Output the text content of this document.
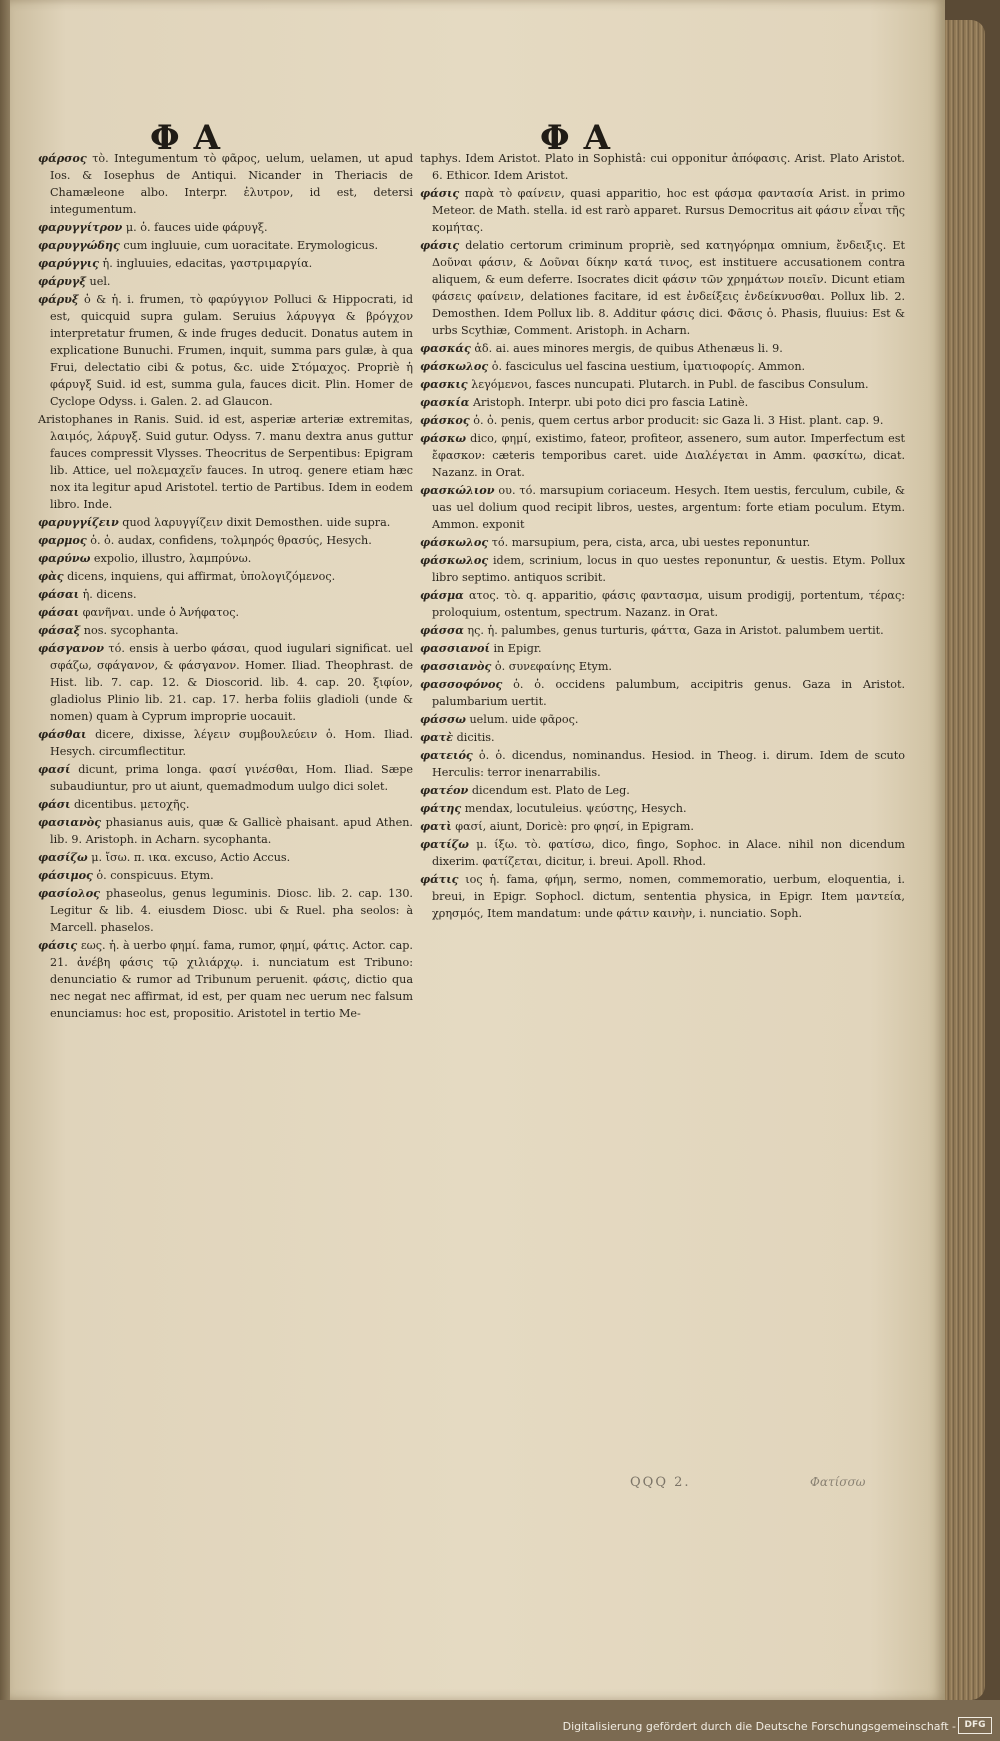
ΦΑ	ΦΑ

φάρσος τὸ. Integumentum τὸ φᾶρος, uelum, uelamen, ut apud Ios. & Iosephus de Antiqui. Nicander in Theriacis de Chamæleone albo. Interpr. ἐλυτρον, id est, detersi integumentum.

φαρυγγίτρον μ. ὁ. fauces uide φάρυγξ.

φαρυγγώδης cum ingluuie, cum uoracitate. Erymologicus.

φαρύγγις ἡ. ingluuies, edacitas, γαστριμαργία.

φάρυγξ uel.

φάρυξ ὁ & ἡ. i. frumen, τὸ φαρύγγιον Polluci & Hippocrati, id est, quicquid supra gulam. Seruius λάρυγγα & βρόγχον interpretatur frumen, & inde fruges deducit. Donatus autem in explicatione Bunuchi. Frumen, inquit, summa pars gulæ, à qua Frui, delectatio cibi & potus, &c. uide Στόμαχος. Propriè ἡ φάρυγξ Suid. id est, summa gula, fauces dicit. Plin. Homer de Cyclope Odyss. i. Galen. 2. ad Glaucon.

Aristophanes in Ranis. Suid. id est, asperiæ arteriæ extremitas, λαιμός, λάρυγξ. Suid gutur. Odyss. 7. manu dextra anus guttur fauces compressit Vlysses. Theocritus de Serpentibus: Epigram lib. Attice, uel πολεμαχεῖν fauces. In utroq. genere etiam hæc nox ita legitur apud Aristotel. tertio de Partibus. Idem in eodem libro. Inde.

φαρυγγίζειν quod λαρυγγίζειν dixit Demosthen. uide supra.

φαρμος ὁ. ὁ. audax, confidens, τολμηρός θρασύς, Hesych.

φαρύνω expolio, illustro, λαμπρύνω.

φὰς dicens, inquiens, qui affirmat, ὑπολογιζόμενος.

φάσαι ἡ. dicens.

φάσαι φανῆναι. unde ὁ Ἀνήφατος.

φάσαξ nos. sycophanta.

φάσγανον τό. ensis à uerbo φάσαι, quod iugulari significat. uel σφάζω, σφάγανον, & φάσγανον. Homer. Iliad. Theophrast. de Hist. lib. 7. cap. 12. & Dioscorid. lib. 4. cap. 20. ξιφίον, gladiolus Plinio lib. 21. cap. 17. herba foliis gladioli (unde & nomen) quam à Cyprum improprie uocauit.

φάσθαι dicere, dixisse, λέγειν συμβουλεύειν ὁ. Hom. Iliad. Hesych. circumflectitur.

φασί dicunt, prima longa. φασί γινέσθαι, Hom. Iliad. Sæpe subaudiuntur, pro ut aiunt, quemadmodum uulgo dici solet.

φάσι dicentibus. μετοχῆς.

φασιανὸς phasianus auis, quæ & Gallicè phaisant. apud Athen. lib. 9. Aristoph. in Acharn. sycophanta.

φασίζω μ. ἴσω. π. ικα. excuso, Actio Accus.

φάσιμος ὁ. conspicuus. Etym.

φασίολος phaseolus, genus leguminis. Diosc. lib. 2. cap. 130. Legitur & lib. 4. eiusdem Diosc. ubi & Ruel. pha seolos: à Marcell. phaselos.

φάσις εως. ἡ. à uerbo φημί. fama, rumor, φημί, φάτις. Actor. cap. 21. ἀνέβη φάσις τῷ χιλιάρχῳ. i. nunciatum est Tribuno: denunciatio & rumor ad Tribunum peruenit. φάσις, dictio qua nec negat nec affirmat, id est, per quam nec uerum nec falsum enunciamus: hoc est, propositio. Aristotel in tertio Me-

taphys. Idem Aristot. Plato in Sophistâ: cui opponitur ἀπόφασις. Arist. Plato Aristot. 6. Ethicor. Idem Aristot.

φάσις παρὰ τὸ φαίνειν, quasi apparitio, hoc est φάσμα φαντασία Arist. in primo Meteor. de Math. stella. id est rarò apparet. Rursus Democritus ait φάσιν εἶναι τῆς κομήτας.

φάσις delatio certorum criminum propriè, sed κατηγόρημα omnium, ἔνδειξις. Et Δοῦναι φάσιν, & Δοῦναι δίκην κατά τινος, est instituere accusationem contra aliquem, & eum deferre. Isocrates dicit φάσιν τῶν χρημάτων ποιεῖν. Dicunt etiam φάσεις φαίνειν, delationes facitare, id est ἐνδείξεις ἐνδείκνυσθαι. Pollux lib. 2. Demosthen. Idem Pollux lib. 8. Additur φάσις dici. Φᾶσις ὁ. Phasis, fluuius: Est & urbs Scythiæ, Comment. Aristoph. in Acharn.

φασκάς ἁδ. ai. aues minores mergis, de quibus Athenæus li. 9.

φάσκωλος ὁ. fasciculus uel fascina uestium, ἱματιοφορίς. Ammon.

φασκις λεγόμενοι, fasces nuncupati. Plutarch. in Publ. de fascibus Consulum.

φασκία Aristoph. Interpr. ubi poto dici pro fascia Latinè.

φάσκος ὁ. ὁ. penis, quem certus arbor producit: sic Gaza li. 3 Hist. plant. cap. 9.

φάσκω dico, φημί, existimo, fateor, profiteor, assenero, sum autor. Imperfectum est ἔφασκον: cæteris temporibus caret. uide Διαλέγεται in Amm. φασκίτω, dicat. Nazanz. in Orat.

φασκώλιον ου. τό. marsupium coriaceum. Hesych. Item uestis, ferculum, cubile, & uas uel dolium quod recipit libros, uestes, argentum: forte etiam poculum. Etym. Ammon. exponit

φάσκωλος τό. marsupium, pera, cista, arca, ubi uestes reponuntur.

φάσκωλος idem, scrinium, locus in quo uestes reponuntur, & uestis. Etym. Pollux libro septimo. antiquos scribit.

φάσμα ατος. τὸ. q. apparitio, φάσις φαντασμα, uisum prodigij, portentum, τέρας: proloquium, ostentum, spectrum. Nazanz. in Orat.

φάσσα ης. ἡ. palumbes, genus turturis, φάττα, Gaza in Aristot. palumbem uertit.

φασσιανοί in Epigr.

φασσιανὸς ὁ. συνεφαίνης Etym.

φασσοφόνος ὁ. ὁ. occidens palumbum, accipitris genus. Gaza in Aristot. palumbarium uertit.

φάσσω uelum. uide φᾶρος.

φατὲ dicitis.

φατειός ὁ. ὁ. dicendus, nominandus. Hesiod. in Theog. i. dirum. Idem de scuto Herculis: terror inenarrabilis.

φατέον dicendum est. Plato de Leg.

φάτης mendax, locutuleius. ψεύστης, Hesych.

φατὶ φασί, aiunt, Doricè: pro φησί, in Epigram.

φατίζω μ. ίξω. τὸ. φατίσω, dico, fingo, Sophoc. in Alace. nihil non dicendum dixerim. φατίζεται, dicitur, i. breui. Apoll. Rhod.

φάτις ιος ἡ. fama, φήμη, sermo, nomen, commemoratio, uerbum, eloquentia, i. breui, in Epigr. Sophocl. dictum, sententia physica, in Epigr. Item μαντεία, χρησμός, Item mandatum: unde φάτιν καινὴν, i. nunciatio. Soph.

QQQ 2.	Φατίσσω
Digitalisierung gefördert durch die Deutsche Forschungsgemeinschaft - DFG
